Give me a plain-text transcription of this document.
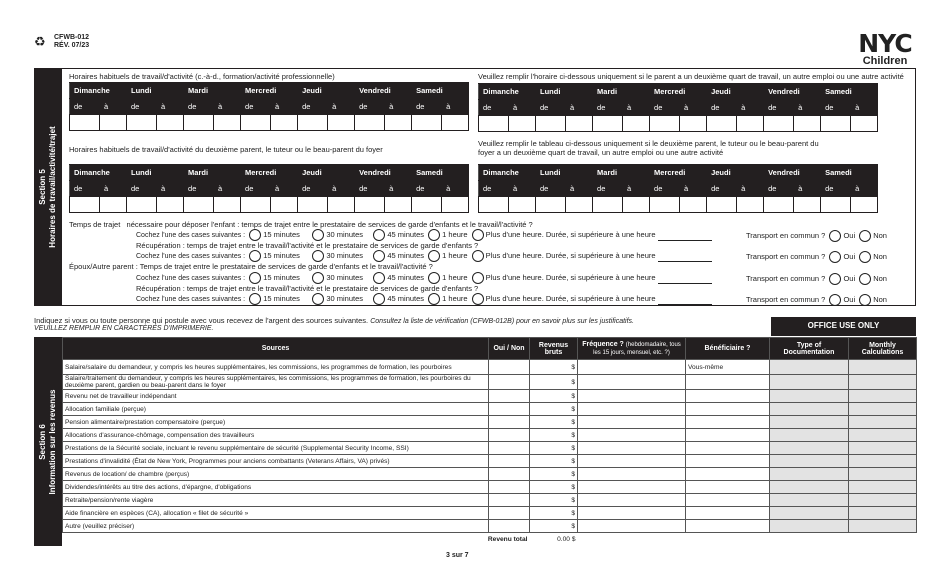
♻	CFWB-012
RÉV. 07/23	NYC
Children
Section 5 Horaires de travail/activité/trajet
Horaires habituels de travail/d'activité (c.-à-d., formation/activité professionnelle)	Veuillez remplir l'horaire ci-dessous uniquement si le parent a un deuxième quart de travail, un autre emploi ou une autre activité
Horaires habituels de travail/d'activité du deuxième parent, le tuteur ou le beau-parent du foyer
Veuillez remplir le tableau ci-dessous uniquement si le deuxième parent, le tuteur ou le beau-parent du
foyer a un deuxième quart de travail, un autre emploi ou une autre activité
Dimanche		Lundi		Mardi		Mercredi		Jeudi		Vendredi		Samedi	
de	à	de	à	de	à	de	à	de	à	de	à	de	à

Dimanche		Lundi		Mardi		Mercredi		Jeudi		Vendredi		Samedi	
de	à	de	à	de	à	de	à	de	à	de	à	de	à

Dimanche		Lundi		Mardi		Mercredi		Jeudi		Vendredi		Samedi	
de	à	de	à	de	à	de	à	de	à	de	à	de	à

Dimanche		Lundi		Mardi		Mercredi		Jeudi		Vendredi		Samedi	
de	à	de	à	de	à	de	à	de	à	de	à	de	à

Temps de trajet nécessaire pour déposer l'enfant : temps de trajet entre le prestataire de services de garde d'enfants et le travail/l'activité ?
Récupération : temps de trajet entre le travail/l'activité et le prestataire de services de garde d'enfants ?
Époux/Autre parent : Temps de trajet entre le prestataire de services de garde d'enfants et le travail/l'activité ?
Récupération : temps de trajet entre le travail/l'activité et le prestataire de services de garde d'enfants ?
Cochez l'une des cases suivantes : 15 minutes	30 minutes	45 minutes 1 heure Plus d'une heure. Durée, si supérieure à une heure
Cochez l'une des cases suivantes : 15 minutes	30 minutes	45 minutes 1 heure Plus d'une heure. Durée, si supérieure à une heure
Cochez l'une des cases suivantes : 15 minutes	30 minutes	45 minutes 1 heure Plus d'une heure. Durée, si supérieure à une heure
Cochez l'une des cases suivantes : 15 minutes	30 minutes	45 minutes 1 heure Plus d'une heure. Durée, si supérieure à une heure
Transport en commun ? Oui Non
Transport en commun ? Oui Non
Transport en commun ? Oui Non
Transport en commun ? Oui Non
Indiquez si vous ou toute personne qui postule avec vous recevez de l'argent des sources suivantes. Consultez la liste de vérification (CFWB-012B) pour en savoir plus sur les justificatifs.
VEUILLEZ REMPLIR EN CARACTÈRES D'IMPRIMERIE.	OFFICE USE ONLY
Section 6 Information sur les revenus
Sources	Oui / Non	Revenus bruts	Fréquence ? (hebdomadaire, tous les 15 jours, mensuel, etc. ?)	Bénéficiaire ?	Type of Documentation	Monthly Calculations
Salaire/salaire du demandeur, y compris les heures supplémentaires, les commissions, les programmes de formation, les pourboires		$		Vous-même		
Salaire/traitement du demandeur, y compris les heures supplémentaires, les commissions, les programmes de formation, les pourboires du deuxième parent, gardien ou beau-parent dans le foyer		$				
Revenu net de travailleur indépendant		$				
Allocation familiale (perçue)		$				
Pension alimentaire/prestation compensatoire (perçue)		$				
Allocations d'assurance-chômage, compensation des travailleurs		$				
Prestations de la Sécurité sociale, incluant le revenu supplémentaire de sécurité (Supplemental Security Income, SSI)		$				
Prestations d'invalidité (État de New York, Programmes pour anciens combattants (Veterans Affairs, VA) privés)		$				
Revenus de location/ de chambre (perçus)		$				
Dividendes/intérêts au titre des actions, d'épargne, d'obligations		$				
Retraite/pension/rente viagère		$				
Aide financière en espèces (CA), allocation « filet de sécurité »		$				
Autre (veuillez préciser)		$				
Revenu total		0.00 $				
3 sur 7
